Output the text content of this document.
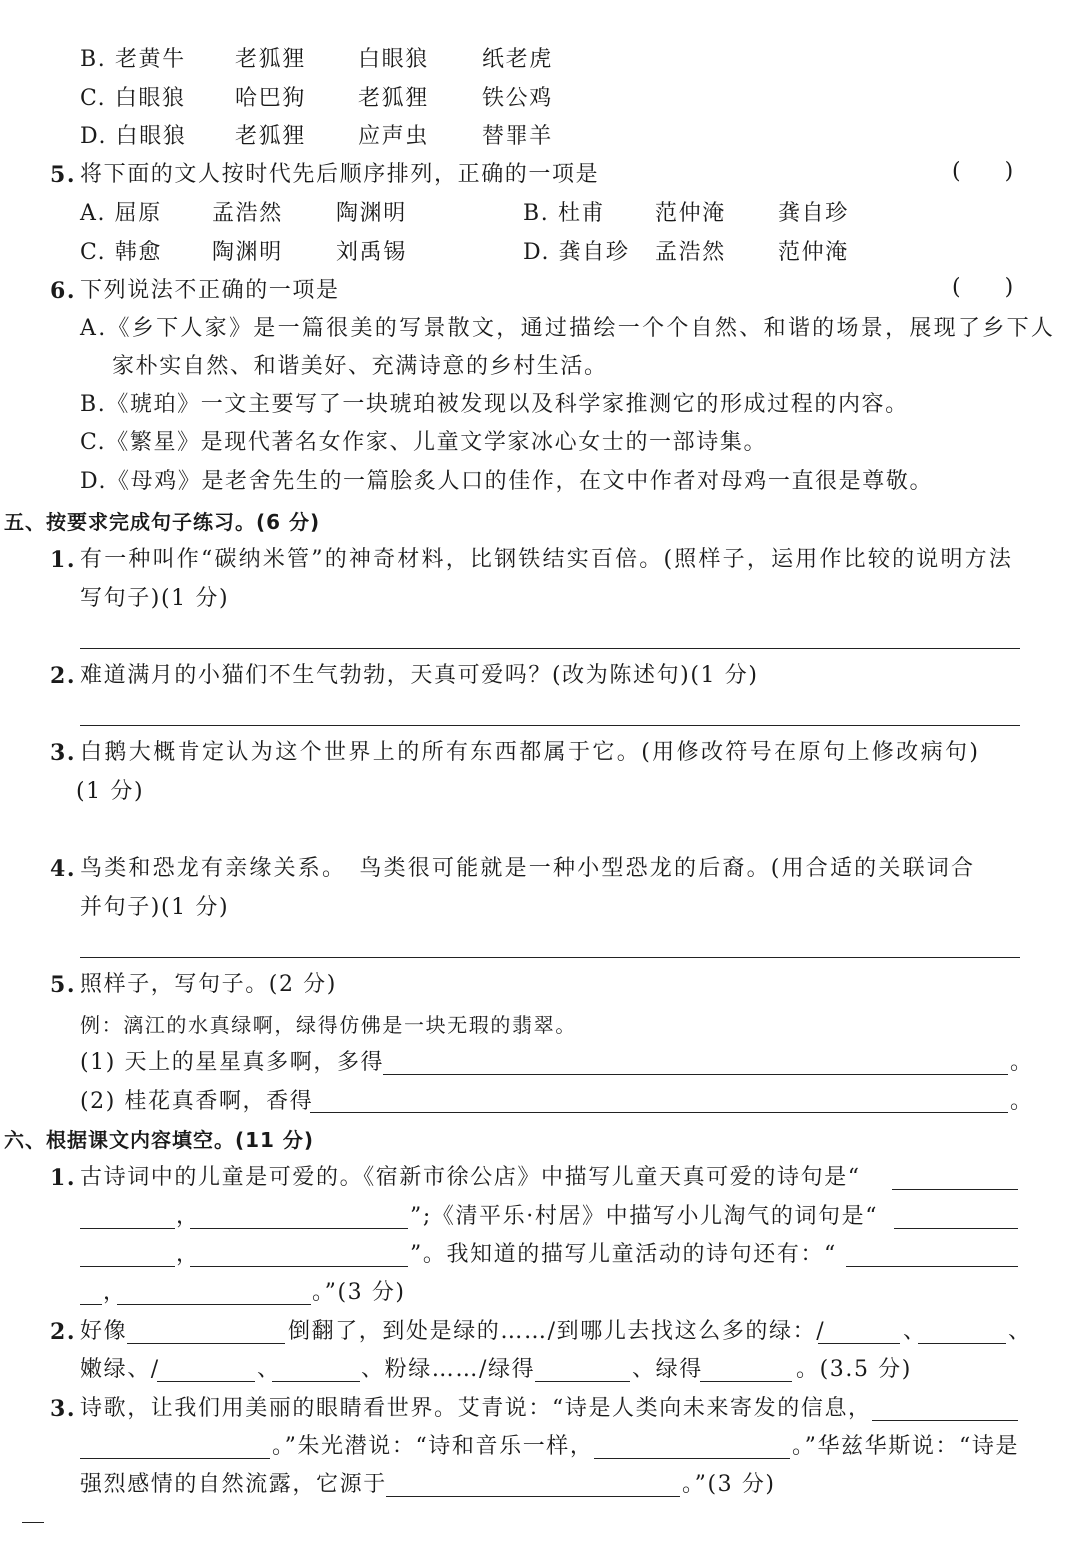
B. 老黄牛 老狐狸 白眼狼 纸老虎
C. 白眼狼 哈巴狗 老狐狸 铁公鸡
D. 白眼狼 老狐狸 应声虫 替罪羊
5. 将下面的文人按时代先后顺序排列，正确的一项是	(　　)
A. 屈原 孟浩然 陶渊明	B. 杜甫 范仲淹 龚自珍
C. 韩愈 陶渊明 刘禹锡	D. 龚自珍 孟浩然 范仲淹
6. 下列说法不正确的一项是	(　　)
A.《乡下人家》是一篇很美的写景散文，通过描绘一个个自然、和谐的场景，展现了乡下人
家朴实自然、和谐美好、充满诗意的乡村生活。
B.《琥珀》一文主要写了一块琥珀被发现以及科学家推测它的形成过程的内容。
C.《繁星》是现代著名女作家、儿童文学家冰心女士的一部诗集。
D.《母鸡》是老舍先生的一篇脍炙人口的佳作，在文中作者对母鸡一直很是尊敬。
五、按要求完成句子练习。(6 分)
1. 有一种叫作“碳纳米管”的神奇材料，比钢铁结实百倍。(照样子，运用作比较的说明方法
写句子)(1 分)
2. 难道满月的小猫们不生气勃勃，天真可爱吗？(改为陈述句)(1 分)
3. 白鹅大概肯定认为这个世界上的所有东西都属于它。(用修改符号在原句上修改病句)
(1 分)
4. 鸟类和恐龙有亲缘关系。　鸟类很可能就是一种小型恐龙的后裔。(用合适的关联词合
并句子)(1 分)
5. 照样子，写句子。(2 分)
例：漓江的水真绿啊，绿得仿佛是一块无瑕的翡翠。
(1) 天上的星星真多啊，多得	。
(2) 桂花真香啊，香得	。
六、根据课文内容填空。(11 分)
1. 古诗词中的儿童是可爱的。《宿新市徐公店》中描写儿童天真可爱的诗句是“
，	”;《清平乐·村居》中描写小儿淘气的词句是“
，	”。我知道的描写儿童活动的诗句还有：“
，	。”(3 分)
2. 好像	倒翻了，到处是绿的……/到哪儿去找这么多的绿：/	、	、
嫩绿、/	、	、粉绿……/绿得	、绿得	。(3.5 分)
3. 诗歌，让我们用美丽的眼睛看世界。艾青说：“诗是人类向未来寄发的信息，
。”朱光潜说：“诗和音乐一样，	。”华兹华斯说：“诗是
强烈感情的自然流露，它源于	。”(3 分)
